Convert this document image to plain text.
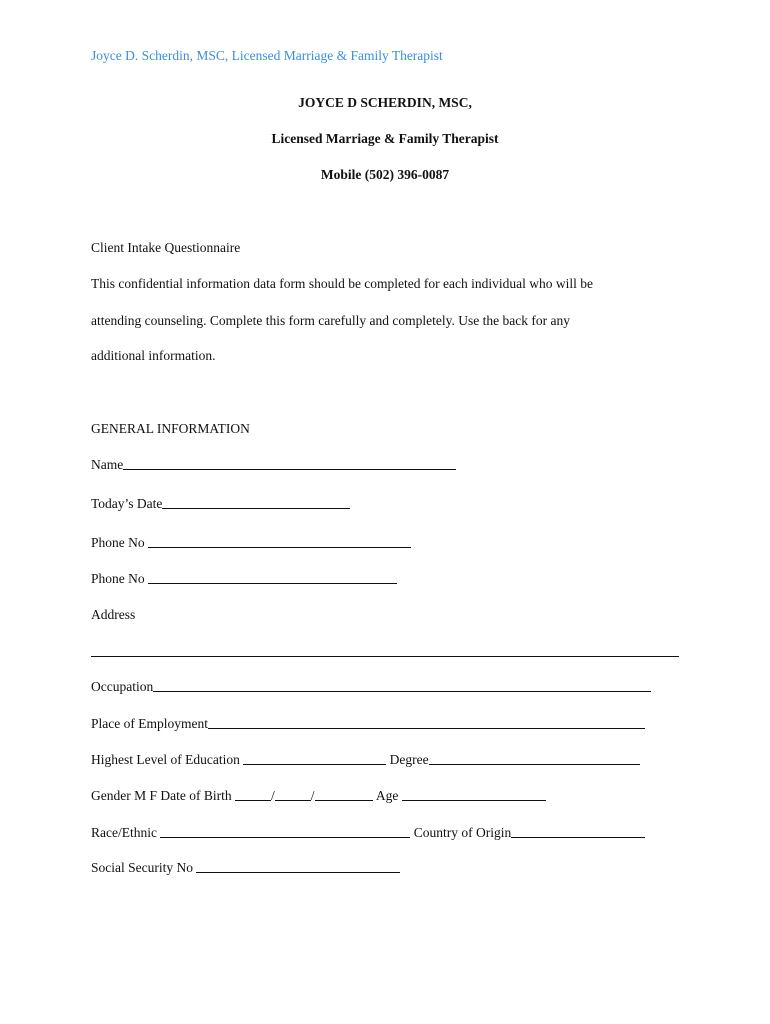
Joyce D. Scherdin, MSC, Licensed Marriage & Family Therapist
JOYCE D SCHERDIN, MSC,
Licensed Marriage & Family Therapist
Mobile (502) 396-0087
Client Intake Questionnaire
This confidential information data form should be completed for each individual who will be
attending counseling. Complete this form carefully and completely. Use the back for any
additional information.
GENERAL INFORMATION
Name
Today’s Date
Phone No
Phone No
Address
Occupation
Place of Employment
Highest Level of Education	Degree
Gender M F Date of Birth	/	/	Age
Race/Ethnic	Country of Origin
Social Security No
